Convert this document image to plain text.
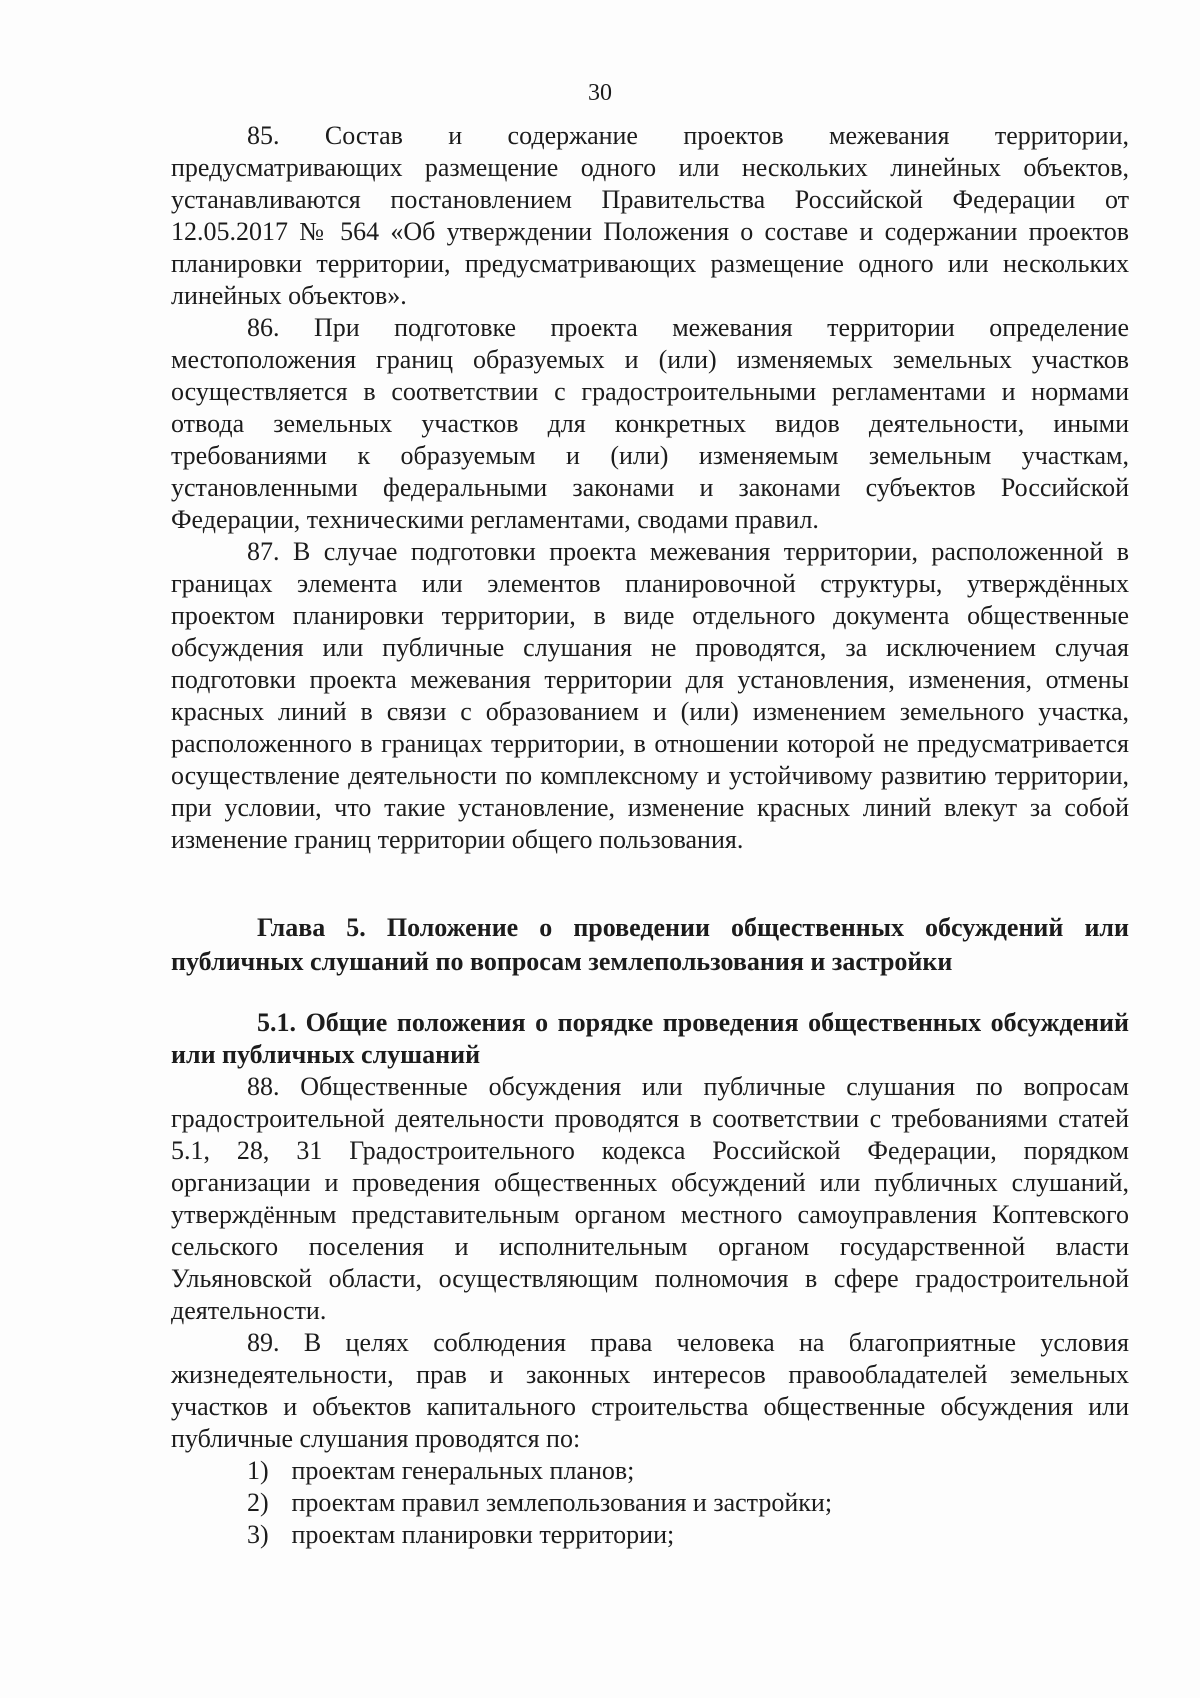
30

85. Состав и содержание проектов межевания территории, предусматривающих размещение одного или нескольких линейных объектов, устанавливаются постановлением Правительства Российской Федерации от 12.05.2017 № 564 «Об утверждении Положения о составе и содержании проектов планировки территории, предусматривающих размещение одного или нескольких линейных объектов».

86. При подготовке проекта межевания территории определение местоположения границ образуемых и (или) изменяемых земельных участков осуществляется в соответствии с градостроительными регламентами и нормами отвода земельных участков для конкретных видов деятельности, иными требованиями к образуемым и (или) изменяемым земельным участкам, установленными федеральными законами и законами субъектов Российской Федерации, техническими регламентами, сводами правил.

87. В случае подготовки проекта межевания территории, расположенной в границах элемента или элементов планировочной структуры, утверждённых проектом планировки территории, в виде отдельного документа общественные обсуждения или публичные слушания не проводятся, за исключением случая подготовки проекта межевания территории для установления, изменения, отмены красных линий в связи с образованием и (или) изменением земельного участка, расположенного в границах территории, в отношении которой не предусматривается осуществление деятельности по комплексному и устойчивому развитию территории, при условии, что такие установление, изменение красных линий влекут за собой изменение границ территории общего пользования.

Глава 5. Положение о проведении общественных обсуждений или публичных слушаний по вопросам землепользования и застройки
5.1. Общие положения о порядке проведения общественных обсуждений или публичных слушаний

88. Общественные обсуждения или публичные слушания по вопросам градостроительной деятельности проводятся в соответствии с требованиями статей 5.1, 28, 31 Градостроительного кодекса Российской Федерации, порядком организации и проведения общественных обсуждений или публичных слушаний, утверждённым представительным органом местного самоуправления Коптевского сельского поселения и исполнительным органом государственной власти Ульяновской области, осуществляющим полномочия в сфере градостроительной деятельности.

89. В целях соблюдения права человека на благоприятные условия жизнедеятельности, прав и законных интересов правообладателей земельных участков и объектов капитального строительства общественные обсуждения или публичные слушания проводятся по:

1) проектам генеральных планов;
2) проектам правил землепользования и застройки;
3) проектам планировки территории;
